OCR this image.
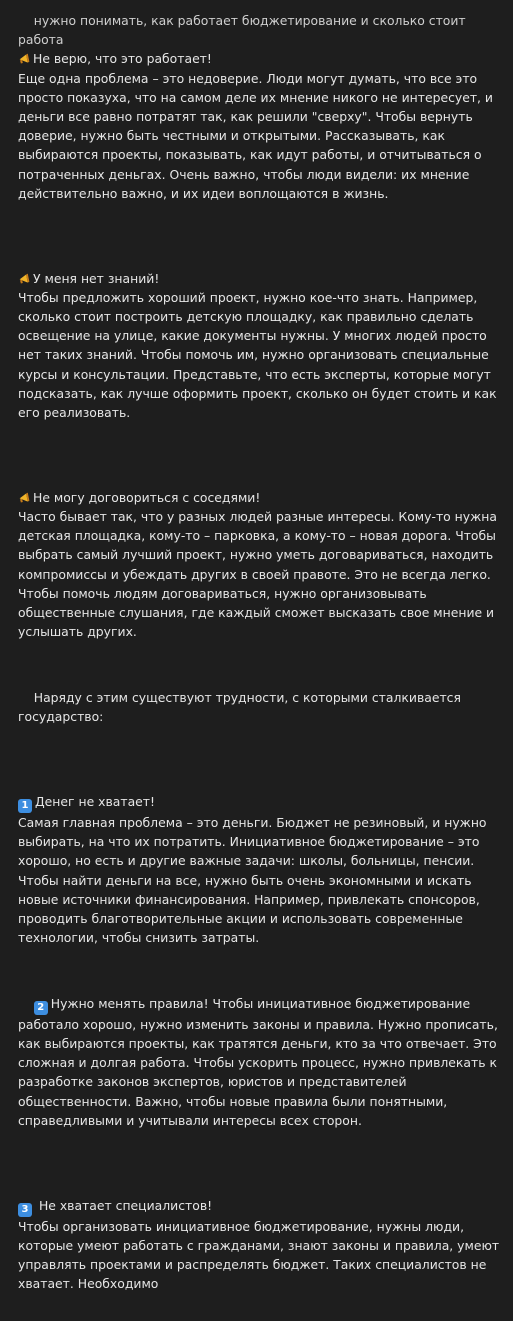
нужно понимать, как работает бюджетирование и сколько стоит работа

Не верю, что это работает!
Еще одна проблема – это недоверие. Люди могут думать, что все это просто показуха, что на самом деле их мнение никого не интересует, и деньги все равно потратят так, как решили "сверху". Чтобы вернуть доверие, нужно быть честными и открытыми. Рассказывать, как выбираются проекты, показывать, как идут работы, и отчитываться о потраченных деньгах. Очень важно, чтобы люди видели: их мнение действительно важно, и их идеи воплощаются в жизнь.

У меня нет знаний!
Чтобы предложить хороший проект, нужно кое-что знать. Например, сколько стоит построить детскую площадку, как правильно сделать освещение на улице, какие документы нужны. У многих людей просто нет таких знаний. Чтобы помочь им, нужно организовать специальные курсы и консультации. Представьте, что есть эксперты, которые могут подсказать, как лучше оформить проект, сколько он будет стоить и как его реализовать.

Не могу договориться с соседями!
Часто бывает так, что у разных людей разные интересы. Кому-то нужна детская площадка, кому-то – парковка, а кому-то – новая дорога. Чтобы выбрать самый лучший проект, нужно уметь договариваться, находить компромиссы и убеждать других в своей правоте. Это не всегда легко. Чтобы помочь людям договариваться, нужно организовывать общественные слушания, где каждый сможет высказать свое мнение и услышать других.

Наряду с этим существуют трудности, с которыми сталкивается государство:

1 Денег не хватает!
Самая главная проблема – это деньги. Бюджет не резиновый, и нужно выбирать, на что их потратить. Инициативное бюджетирование – это хорошо, но есть и другие важные задачи: школы, больницы, пенсии. Чтобы найти деньги на все, нужно быть очень экономными и искать новые источники финансирования. Например, привлекать спонсоров, проводить благотворительные акции и использовать современные технологии, чтобы снизить затраты.

2 Нужно менять правила! Чтобы инициативное бюджетирование работало хорошо, нужно изменить законы и правила. Нужно прописать, как выбираются проекты, как тратятся деньги, кто за что отвечает. Это сложная и долгая работа. Чтобы ускорить процесс, нужно привлекать к разработке законов экспертов, юристов и представителей общественности. Важно, чтобы новые правила были понятными, справедливыми и учитывали интересы всех сторон.

3 Не хватает специалистов!
Чтобы организовать инициативное бюджетирование, нужны люди, которые умеют работать с гражданами, знают законы и правила, умеют управлять проектами и распределять бюджет. Таких специалистов не хватает. Необходимо
